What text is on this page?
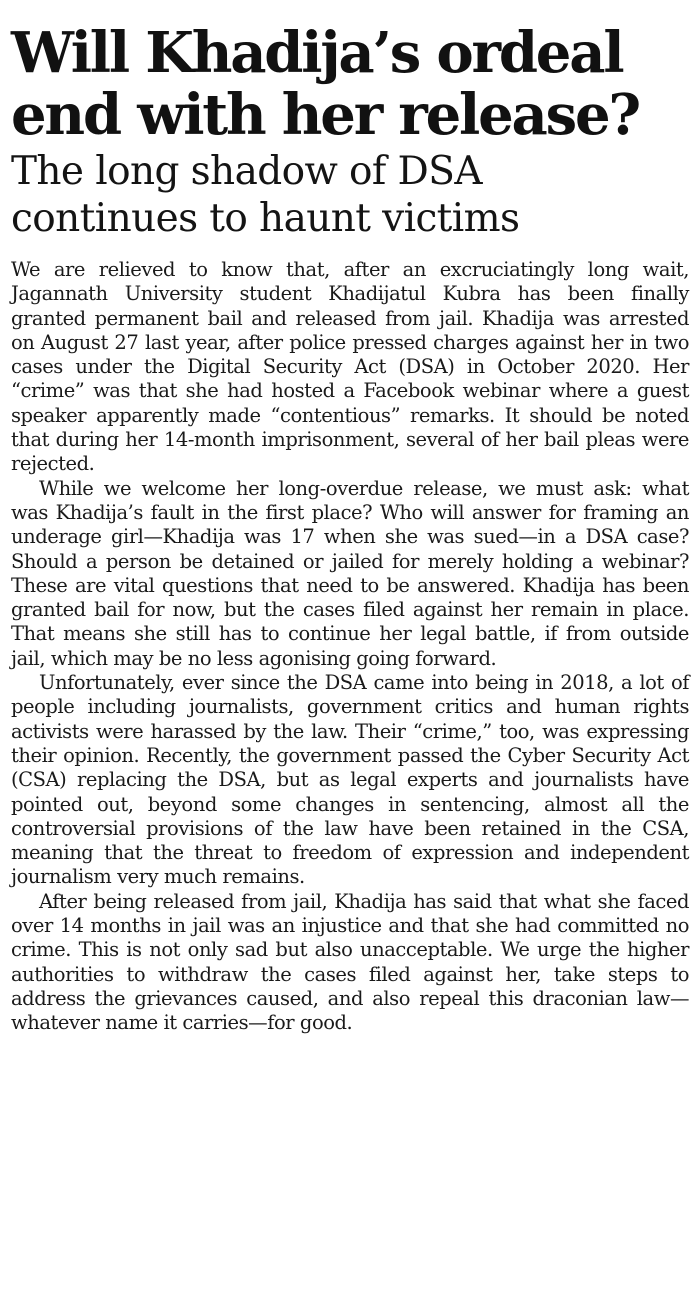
Will Khadija’s ordeal
end with her release?
The long shadow of DSA
continues to haunt victims

We are relieved to know that, after an excruciatingly long wait, Jagannath University student Khadijatul Kubra has been finally granted permanent bail and released from jail. Khadija was arrested on August 27 last year, after police pressed charges against her in two cases under the Digital Security Act (DSA) in October 2020. Her “crime” was that she had hosted a Facebook webinar where a guest speaker apparently made “contentious” remarks. It should be noted that during her 14-month imprisonment, several of her bail pleas were rejected.

While we welcome her long-overdue release, we must ask: what was Khadija’s fault in the first place? Who will answer for framing an underage girl—Khadija was 17 when she was sued—in a DSA case? Should a person be detained or jailed for merely holding a webinar? These are vital questions that need to be answered. Khadija has been granted bail for now, but the cases filed against her remain in place. That means she still has to continue her legal battle, if from outside jail, which may be no less agonising going forward.

Unfortunately, ever since the DSA came into being in 2018, a lot of people including journalists, government critics and human rights activists were harassed by the law. Their “crime,” too, was expressing their opinion. Recently, the government passed the Cyber Security Act (CSA) replacing the DSA, but as legal experts and journalists have pointed out, beyond some changes in sentencing, almost all the controversial provisions of the law have been retained in the CSA, meaning that the threat to freedom of expression and independent journalism very much remains.

After being released from jail, Khadija has said that what she faced over 14 months in jail was an injustice and that she had committed no crime. This is not only sad but also unacceptable. We urge the higher authorities to withdraw the cases filed against her, take steps to address the grievances caused, and also repeal this draconian law—whatever name it carries—for good.
